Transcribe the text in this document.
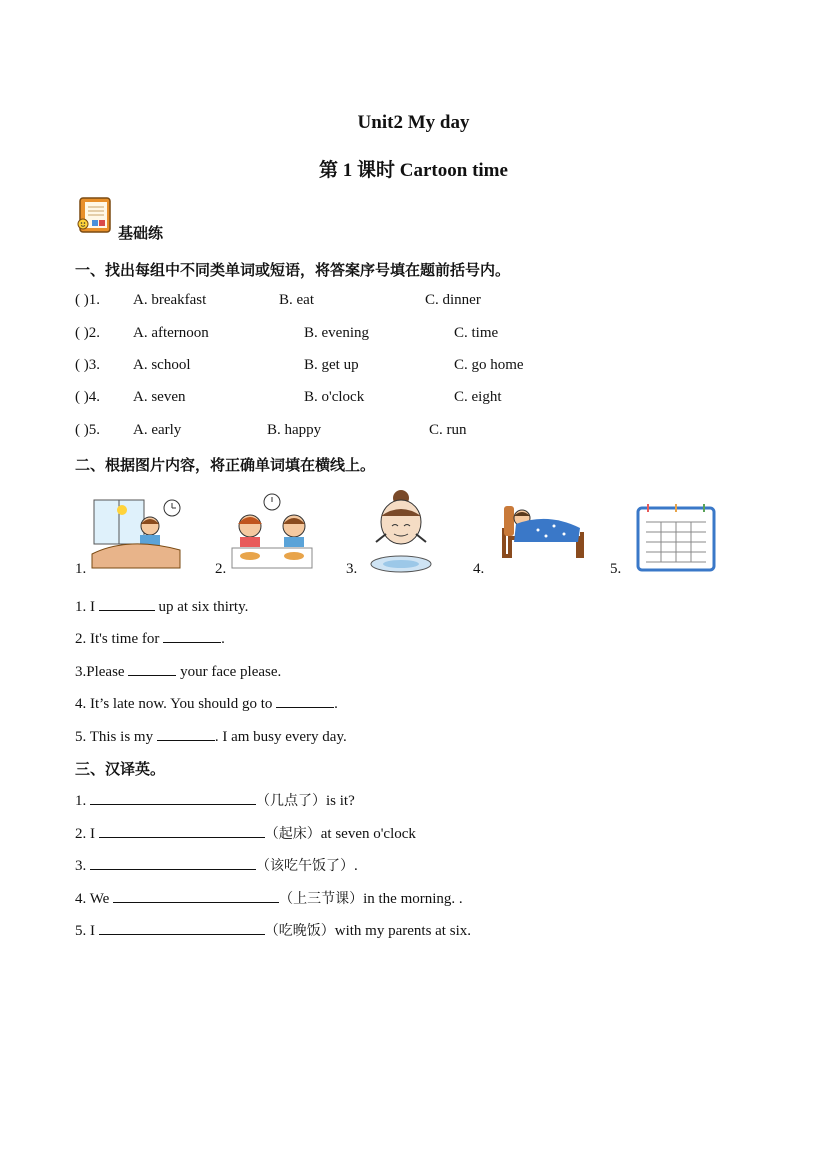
Unit2 My day
第 1 课时 Cartoon time
基础练
一、找出每组中不同类单词或短语，将答案序号填在题前括号内。
( )1. A. breakfast	B. eat	C. dinner
( )2. A. afternoon	B. evening	C. time
( )3. A. school	B. get up	C. go home
( )4. A. seven	B. o'clock	C. eight
( )5. A. early	B. happy	C. run
二、根据图片内容，将正确单词填在横线上。
1.	2.	3.	4.	5.
1. I	up at six thirty.
2. It's time for	.
3.Please	your face please.
4. It’s late now. You should go to	.
5. This is my	. I am busy every day.
三、汉译英。
1.	（几点了）is it?
2. I	（起床）at seven o'clock
3.	（该吃午饭了）.
4. We	（上三节课）in the morning. .
5. I	（吃晚饭）with my parents at six.
